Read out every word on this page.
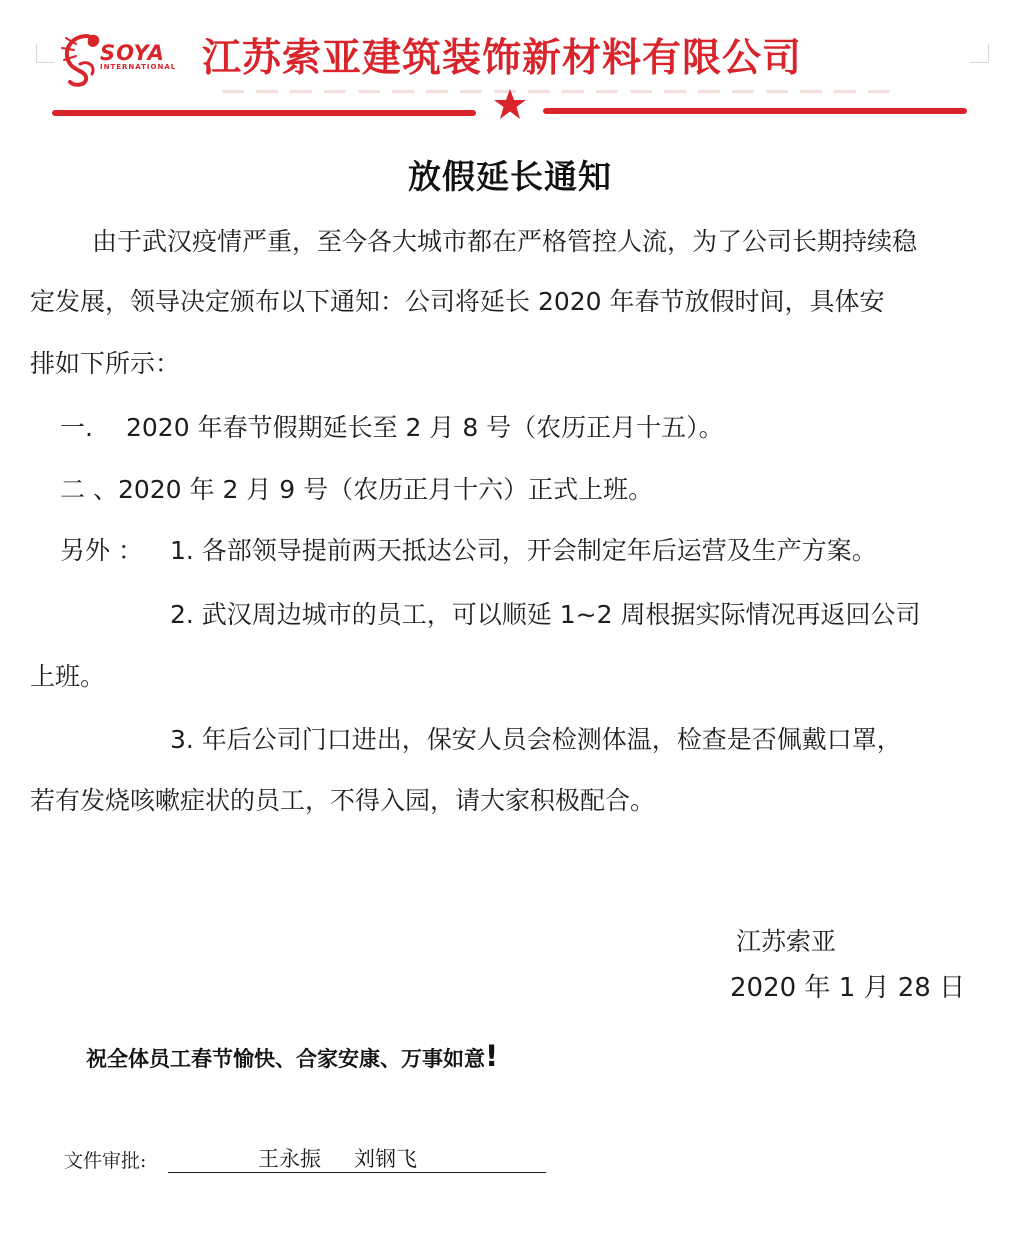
SOYA
INTERNATIONAL 江苏索亚建筑装饰新材料有限公司
放假延长通知
由于武汉疫情严重，至今各大城市都在严格管控人流，为了公司长期持续稳
定发展，领导决定颁布以下通知：公司将延长 2020 年春节放假时间，具体安
排如下所示：
一. 2020 年春节假期延长至 2 月 8 号（农历正月十五）。
二 、2020 年 2 月 9 号（农历正月十六）正式上班。
另外 ： 1. 各部领导提前两天抵达公司，开会制定年后运营及生产方案。
2. 武汉周边城市的员工，可以顺延 1~2 周根据实际情况再返回公司
上班。
3. 年后公司门口进出，保安人员会检测体温，检查是否佩戴口罩，
若有发烧咳嗽症状的员工，不得入园，请大家积极配合。
江苏索亚
2020 年 1 月 28 日
祝全体员工春节愉快、合家安康、万事如意!
文件审批:	王永振 刘钢飞
